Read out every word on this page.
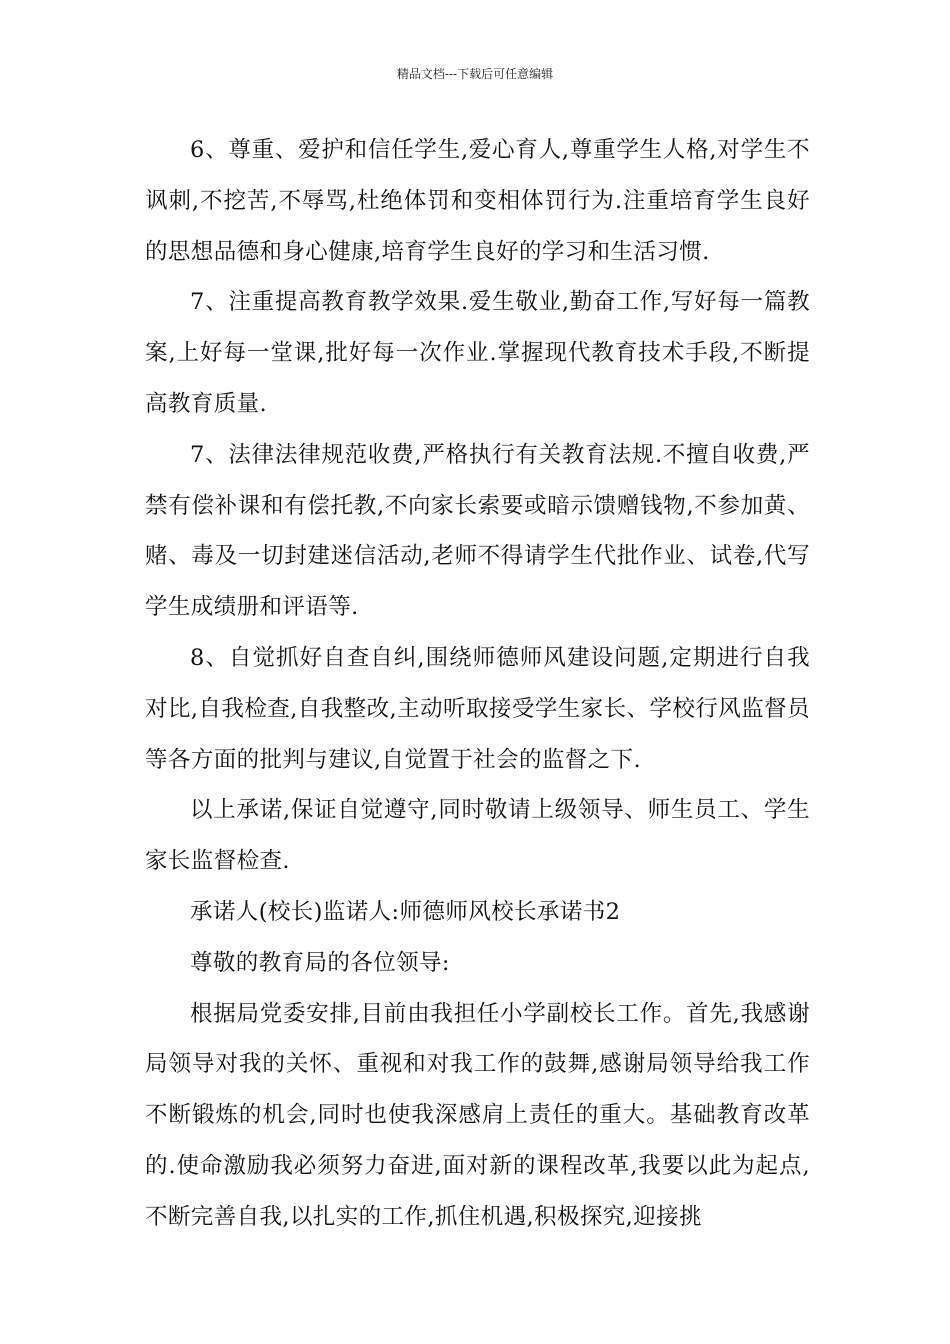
精品文档---下载后可任意编辑

6、尊重、爱护和信任学生,爱心育人,尊重学生人格,对学生不讽刺,不挖苦,不辱骂,杜绝体罚和变相体罚行为.注重培育学生良好的思想品德和身心健康,培育学生良好的学习和生活习惯.

7、注重提高教育教学效果.爱生敬业,勤奋工作,写好每一篇教案,上好每一堂课,批好每一次作业.掌握现代教育技术手段,不断提高教育质量.

7、法律法律规范收费,严格执行有关教育法规.不擅自收费,严禁有偿补课和有偿托教,不向家长索要或暗示馈赠钱物,不参加黄、赌、毒及一切封建迷信活动,老师不得请学生代批作业、试卷,代写学生成绩册和评语等.

8、自觉抓好自查自纠,围绕师德师风建设问题,定期进行自我对比,自我检查,自我整改,主动听取接受学生家长、学校行风监督员等各方面的批判与建议,自觉置于社会的监督之下.

以上承诺,保证自觉遵守,同时敬请上级领导、师生员工、学生家长监督检查.

承诺人(校长)监诺人:师德师风校长承诺书2

尊敬的教育局的各位领导:

根据局党委安排,目前由我担任小学副校长工作。首先,我感谢局领导对我的关怀、重视和对我工作的鼓舞,感谢局领导给我工作不断锻炼的机会,同时也使我深感肩上责任的重大。基础教育改革的.使命激励我必须努力奋进,面对新的课程改革,我要以此为起点,不断完善自我,以扎实的工作,抓住机遇,积极探究,迎接挑
